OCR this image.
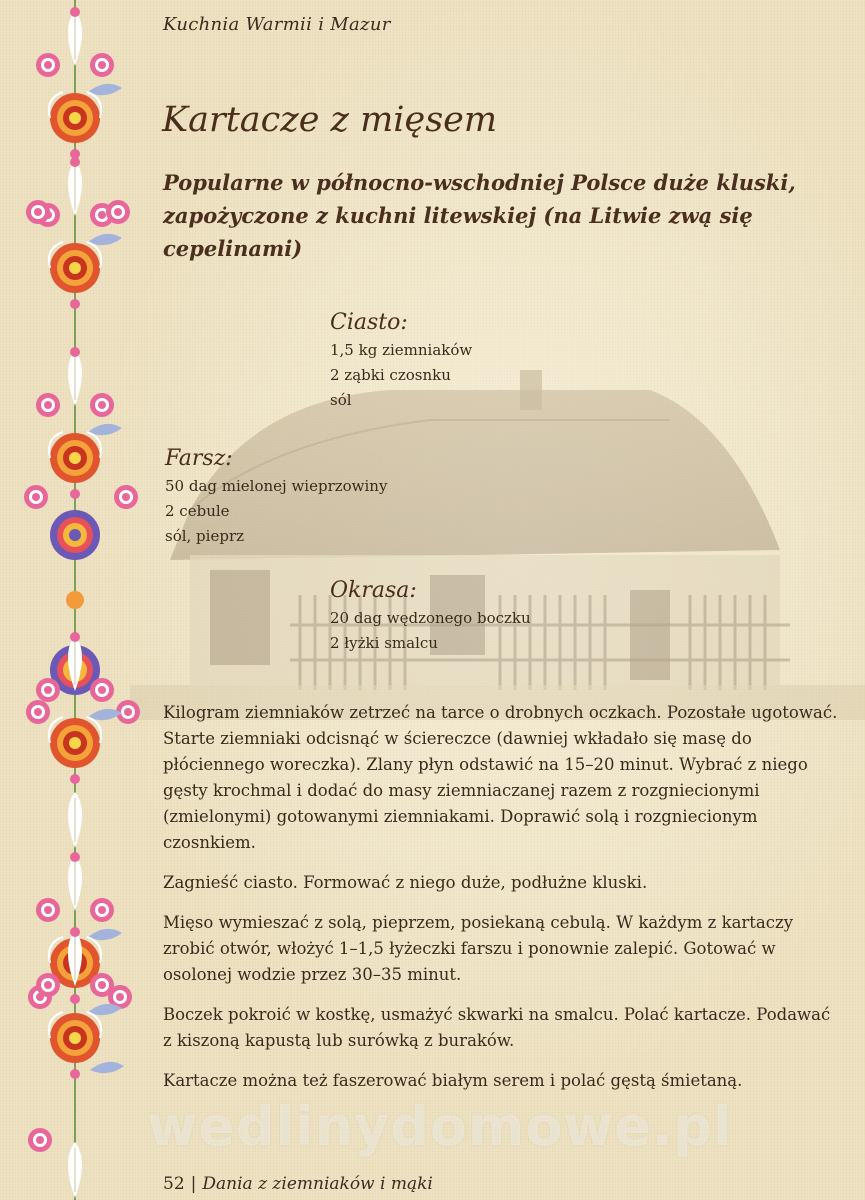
wedlinydomowe.pl
Kuchnia Warmii i Mazur
Kartacze z mięsem
Popularne w północno-wschodniej Polsce duże kluski, zapożyczone z kuchni litewskiej (na Litwie zwą się cepelinami)
Ciasto:
1,5 kg ziemniaków
2 ząbki czosnku
sól
Farsz:
50 dag mielonej wieprzowiny
2 cebule
sól, pieprz
Okrasa:
20 dag wędzonego boczku
2 łyżki smalcu

Kilogram ziemniaków zetrzeć na tarce o drobnych oczkach. Pozostałe ugotować. Starte ziemniaki odcisnąć w ściereczce (dawniej wkładało się masę do płóciennego woreczka). Zlany płyn odstawić na 15–20 minut. Wybrać z niego gęsty krochmal i dodać do masy ziemniaczanej razem z rozgniecionymi (zmielonymi) gotowanymi ziemniakami. Doprawić solą i rozgniecionym czosnkiem.

Zagnieść ciasto. Formować z niego duże, podłużne kluski.

Mięso wymieszać z solą, pieprzem, posiekaną cebulą. W każdym z kartaczy zrobić otwór, włożyć 1–1,5 łyżeczki farszu i ponownie zalepić. Gotować w osolonej wodzie przez 30–35 minut.

Boczek pokroić w kostkę, usmażyć skwarki na smalcu. Polać kartacze. Podawać z kiszoną kapustą lub surówką z buraków.

Kartacze można też faszerować białym serem i polać gęstą śmietaną.

52 | Dania z ziemniaków i mąki
